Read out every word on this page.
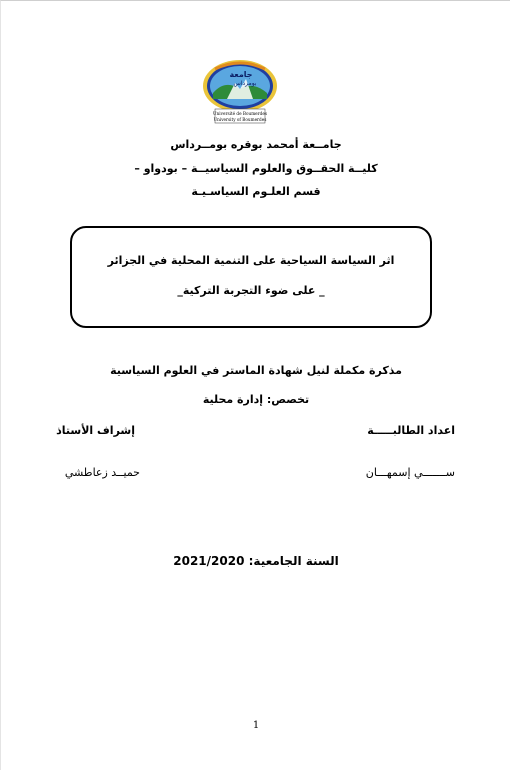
جامعة
بومرداس
Université de Boumerdes
University of Boumerdes
جامــعة أمحمد بوقره بومــرداس
كليــة الحقــوق والعلوم السياسيــة – بودواو –
قسم العلـوم السياسـيـة
اثر السياسة السياحية على التنمية المحلية في الجزائر
_ على ضوء التجربة التركية_
مذكرة مكملة لنيل شهادة الماستر في العلوم السياسية
تخصص: إدارة محلية
اعداد الطالبـــــة
إشراف الأستاذ
ســـــــي إسمهـــان
حميــد زعاطشي
السنة الجامعية: 2021/2020
1
